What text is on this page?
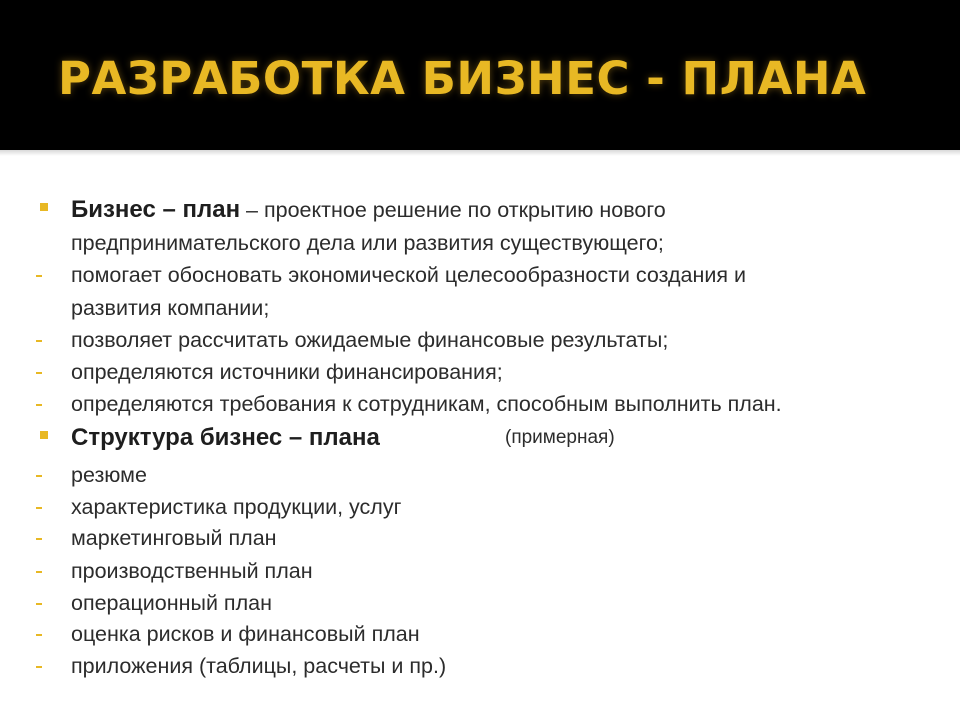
РАЗРАБОТКА БИЗНЕС - ПЛАНА
Бизнес – план – проектное решение по открытию нового
предпринимательского дела или развития существующего;
помогает обосновать экономической целесообразности создания и
развития компании;
позволяет рассчитать ожидаемые финансовые результаты;
определяются источники финансирования;
определяются требования к сотрудникам, способным выполнить план.
Структура бизнес – плана	(примерная)
резюме
характеристика продукции, услуг
маркетинговый план
производственный план
операционный план
оценка рисков и финансовый план
приложения (таблицы, расчеты и пр.)
